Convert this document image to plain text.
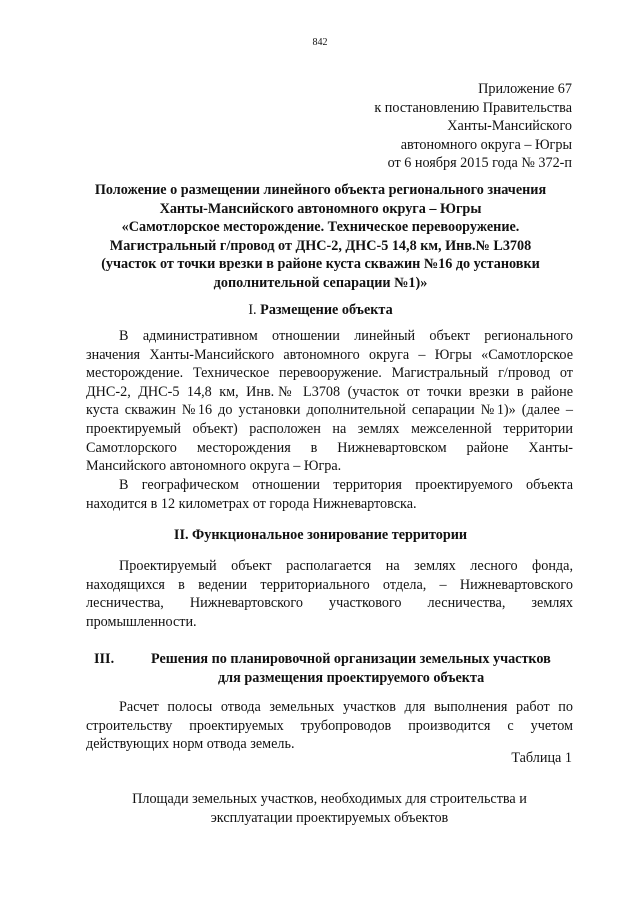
842
Приложение 67
к постановлению Правительства
Ханты-Мансийского
автономного округа – Югры
от 6 ноября 2015 года № 372-п
Положение о размещении линейного объекта регионального значения
Ханты-Мансийского автономного округа – Югры
«Самотлорское месторождение. Техническое перевооружение.
Магистральный г/провод от ДНС-2, ДНС-5 14,8 км, Инв.№ L3708
(участок от точки врезки в районе куста скважин №16 до установки
дополнительной сепарации №1)»
I. Размещение объекта
В административном отношении линейный объект регионального
значения Ханты-Мансийского автономного округа – Югры «Самотлорское
месторождение. Техническое перевооружение. Магистральный г/провод от
ДНС-2, ДНС-5 14,8 км, Инв.№ L3708 (участок от точки врезки в районе
куста скважин №16 до установки дополнительной сепарации №1)» (далее –
проектируемый объект) расположен на землях межселенной территории
Самотлорского месторождения в Нижневартовском районе Ханты-
Мансийского автономного округа – Югра.
В географическом отношении территория проектируемого объекта
находится в 12 километрах от города Нижневартовска.
II. Функциональное зонирование территории
Проектируемый объект располагается на землях лесного фонда,
находящихся в ведении территориального отдела, – Нижневартовского
лесничества, Нижневартовского участкового лесничества, землях
промышленности.
III.	Решения по планировочной организации земельных участков
для размещения проектируемого объекта
Расчет полосы отвода земельных участков для выполнения работ по
строительству проектируемых трубопроводов производится с учетом
действующих норм отвода земель.
Таблица 1
Площади земельных участков, необходимых для строительства и
эксплуатации проектируемых объектов
